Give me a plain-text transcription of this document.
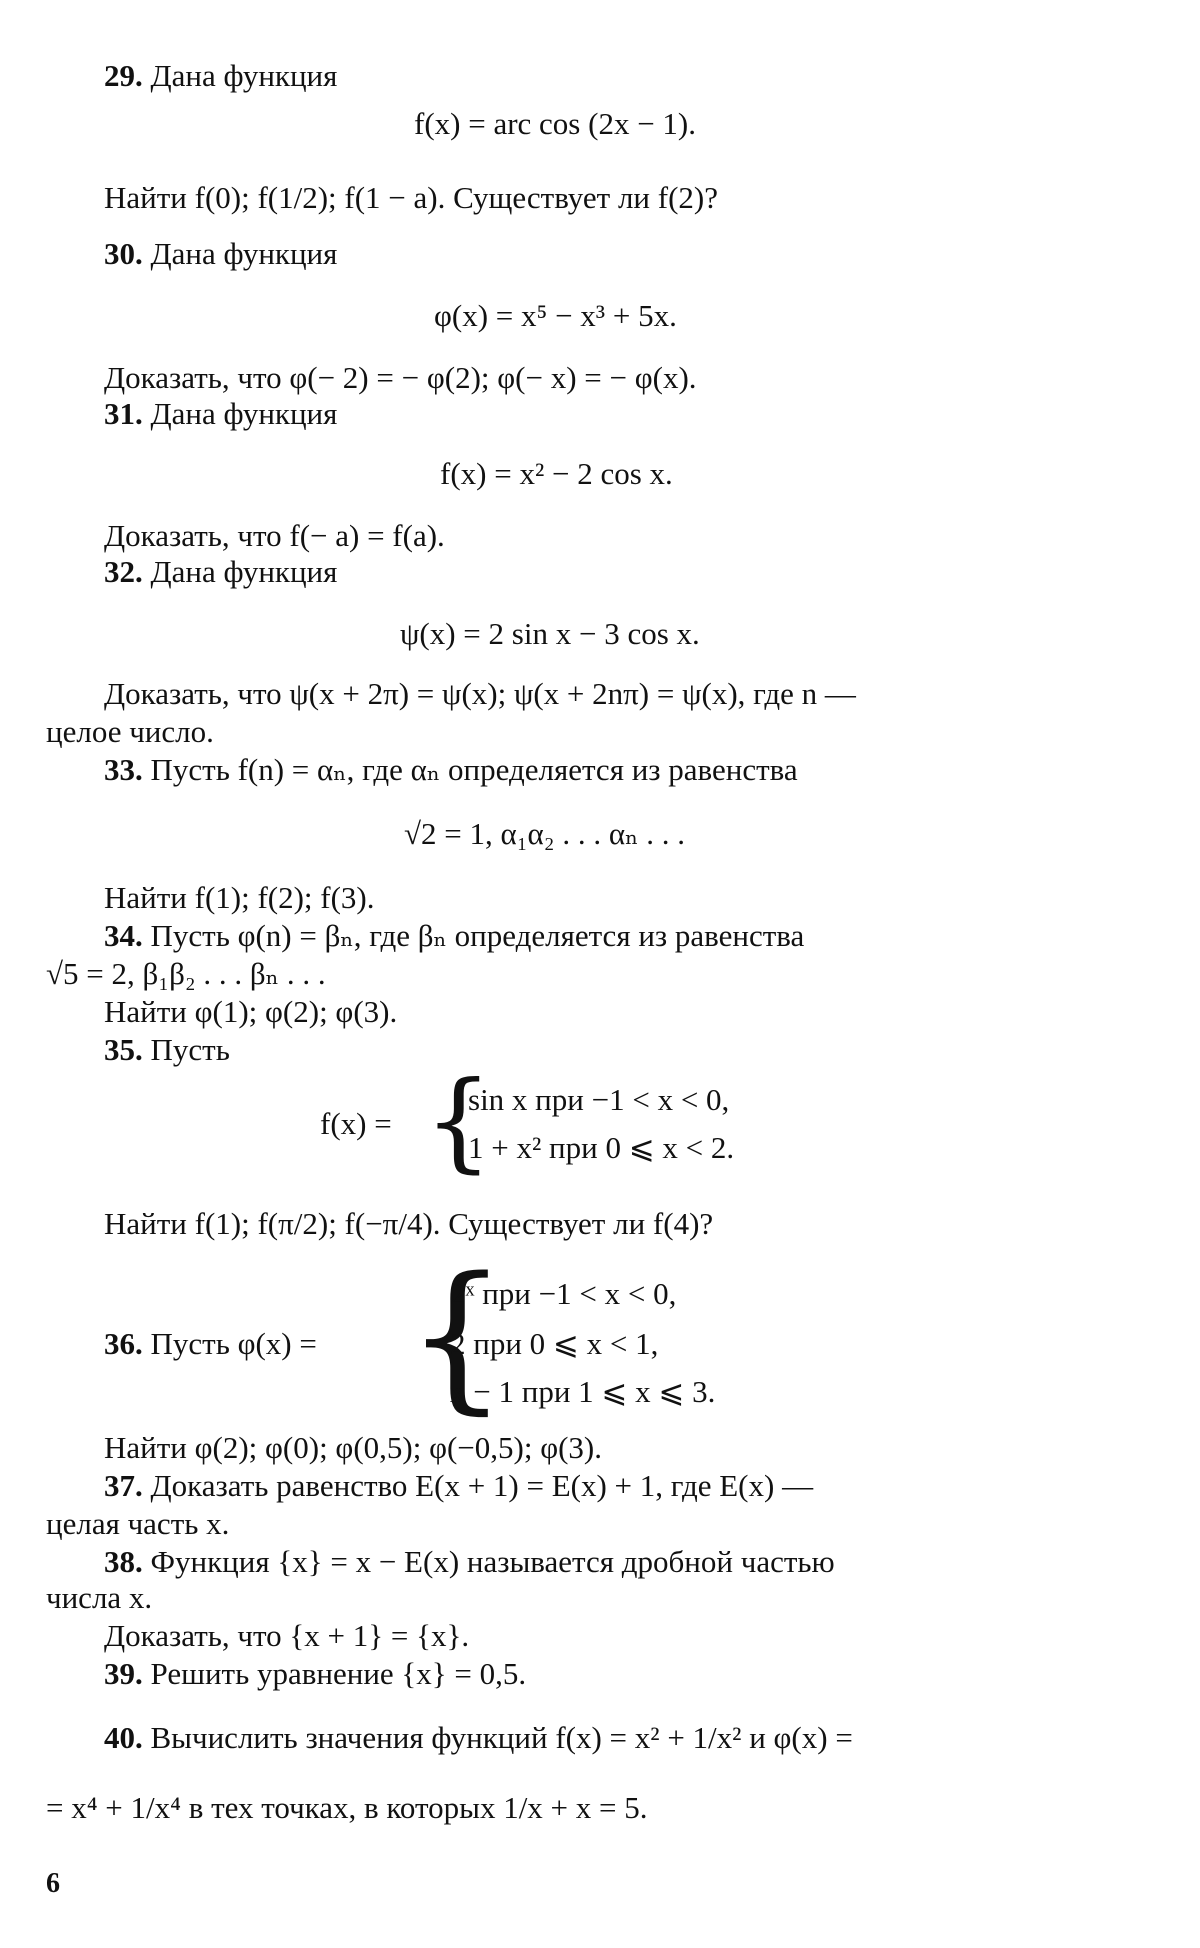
29. Дана функция
f(x) = arc cos (2x − 1).
Найти f(0); f(1/2); f(1 − a). Существует ли f(2)?
30. Дана функция
φ(x) = x⁵ − x³ + 5x.
Доказать, что φ(− 2) = − φ(2); φ(− x) = − φ(x).
31. Дана функция
f(x) = x² − 2 cos x.
Доказать, что f(− a) = f(a).
32. Дана функция
ψ(x) = 2 sin x − 3 cos x.
Доказать, что ψ(x + 2π) = ψ(x); ψ(x + 2nπ) = ψ(x), где n —
целое число.
33. Пусть f(n) = αₙ, где αₙ определяется из равенства
√2 = 1, α₁α₂ . . . αₙ . . .
Найти f(1); f(2); f(3).
34. Пусть φ(n) = βₙ, где βₙ определяется из равенства
√5 = 2, β₁β₂ . . . βₙ . . .
Найти φ(1); φ(2); φ(3).
35. Пусть
f(x) = {
sin x при −1 < x < 0,
1 + x² при 0 ⩽ x < 2.
Найти f(1); f(π/2); f(−π/4). Существует ли f(4)?
36. Пусть φ(x) = {
2ˣ при −1 < x < 0,
2 при 0 ⩽ x < 1,
x − 1 при 1 ⩽ x ⩽ 3.
Найти φ(2); φ(0); φ(0,5); φ(−0,5); φ(3).
37. Доказать равенство E(x + 1) = E(x) + 1, где E(x) —
целая часть x.
38. Функция {x} = x − E(x) называется дробной частью
числа x.
Доказать, что {x + 1} = {x}.
39. Решить уравнение {x} = 0,5.
40. Вычислить значения функций f(x) = x² + 1/x² и φ(x) =
= x⁴ + 1/x⁴ в тех точках, в которых 1/x + x = 5.
6
